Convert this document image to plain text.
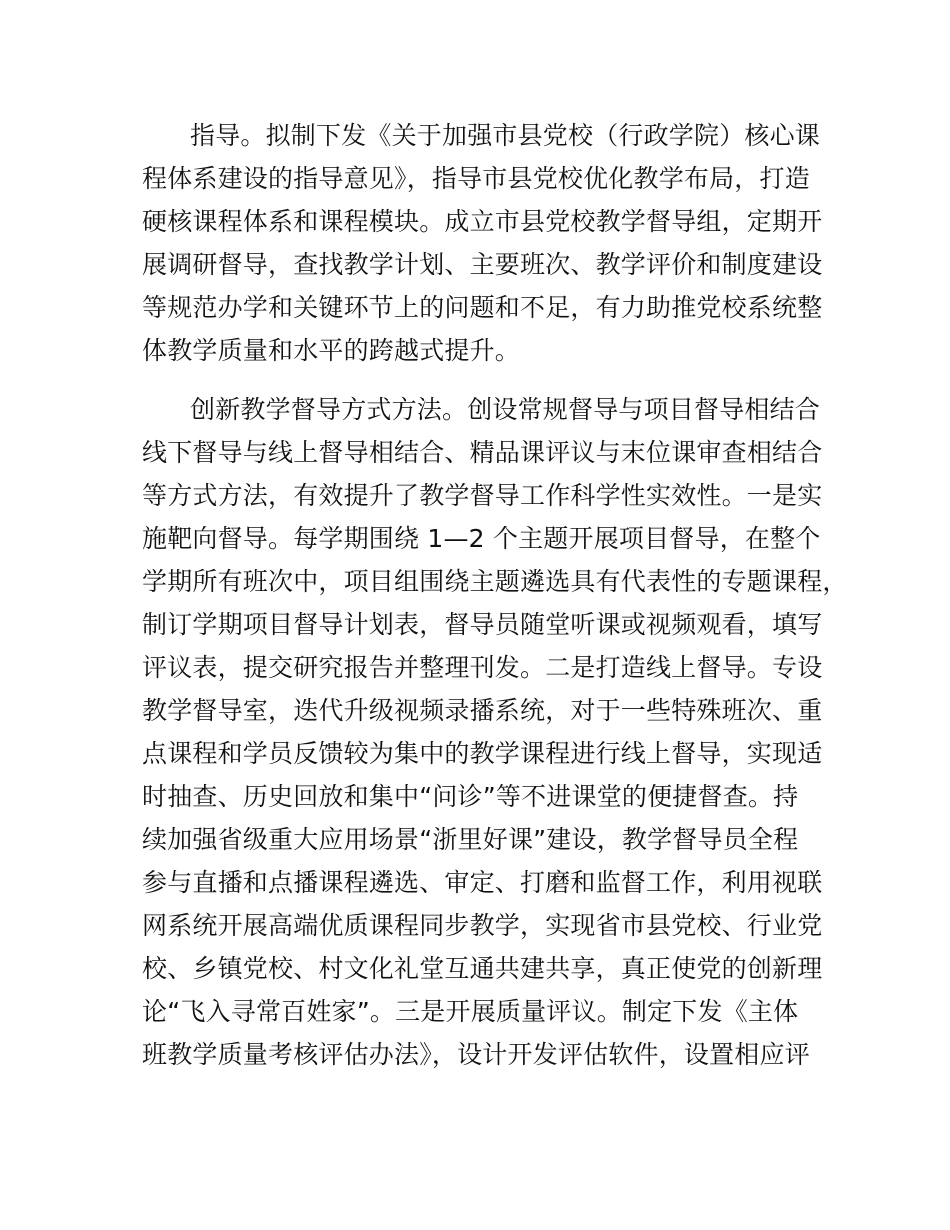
指导。拟制下发《关于加强市县党校（行政学院）核心课
程体系建设的指导意见》，指导市县党校优化教学布局，打造
硬核课程体系和课程模块。成立市县党校教学督导组，定期开
展调研督导，查找教学计划、主要班次、教学评价和制度建设
等规范办学和关键环节上的问题和不足，有力助推党校系统整
体教学质量和水平的跨越式提升。
创新教学督导方式方法。创设常规督导与项目督导相结合
线下督导与线上督导相结合、精品课评议与末位课审查相结合
等方式方法，有效提升了教学督导工作科学性实效性。一是实
施靶向督导。每学期围绕 1—2 个主题开展项目督导，在整个
学期所有班次中，项目组围绕主题遴选具有代表性的专题课程，
制订学期项目督导计划表，督导员随堂听课或视频观看，填写
评议表，提交研究报告并整理刊发。二是打造线上督导。专设
教学督导室，迭代升级视频录播系统，对于一些特殊班次、重
点课程和学员反馈较为集中的教学课程进行线上督导，实现适
时抽查、历史回放和集中“问诊”等不进课堂的便捷督查。持
续加强省级重大应用场景“浙里好课”建设，教学督导员全程
参与直播和点播课程遴选、审定、打磨和监督工作，利用视联
网系统开展高端优质课程同步教学，实现省市县党校、行业党
校、乡镇党校、村文化礼堂互通共建共享，真正使党的创新理
论“飞入寻常百姓家”。三是开展质量评议。制定下发《主体
班教学质量考核评估办法》，设计开发评估软件，设置相应评
